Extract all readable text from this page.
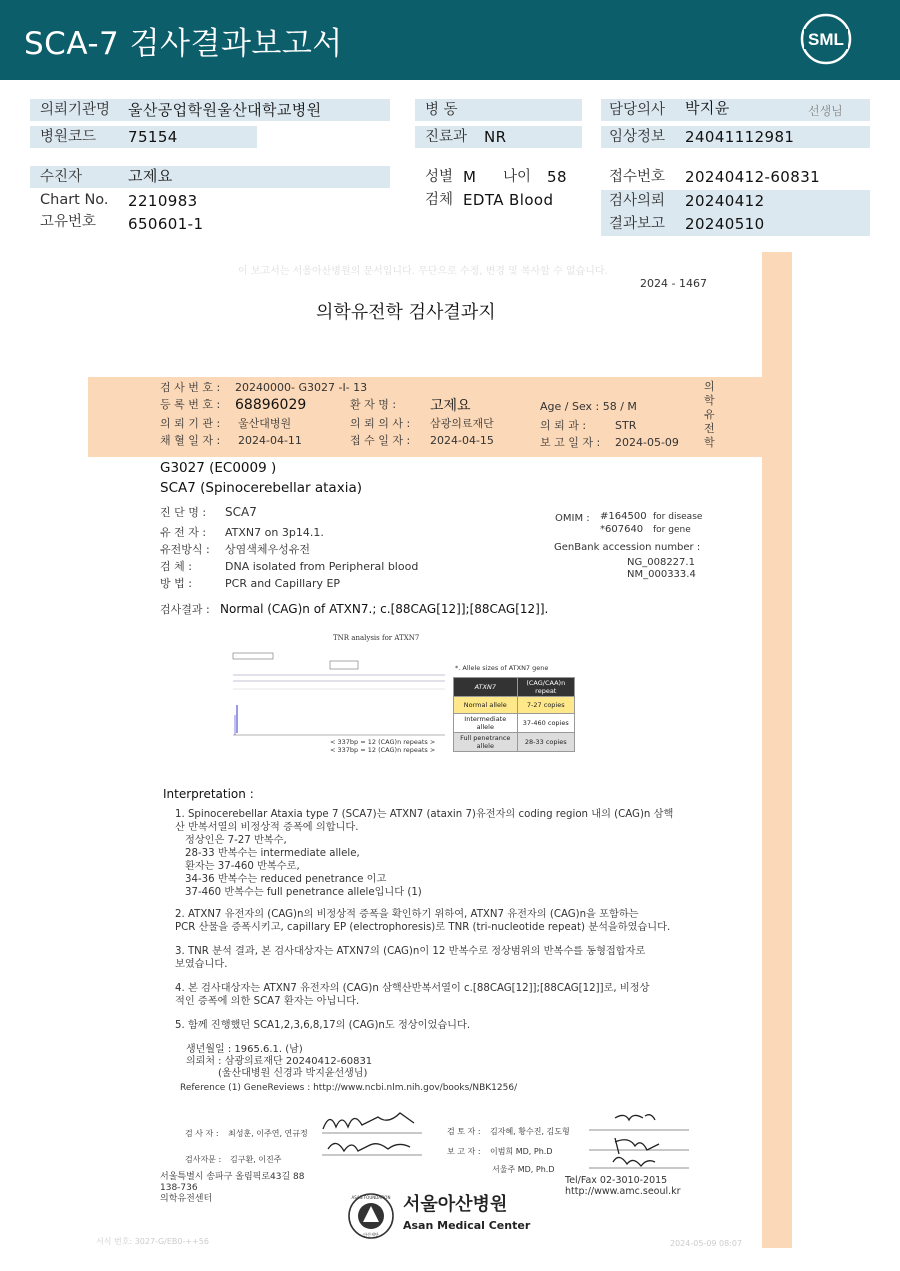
SCA-7 검사결과보고서	SML
의뢰기관명 울산공업학원울산대학교병원
병원코드 75154
병 동
진료과 NR
담당의사 박지윤	선생님
임상정보 24041112981
수진자	고제요
Chart No. 2210983
고유번호 650601-1
성별 M 나이 58
검체 EDTA Blood
접수번호 20240412-60831
검사의뢰 20240412
결과보고 20240510
이 보고서는 서울아산병원의 문서입니다. 무단으로 수정, 변경 및 복사할 수 없습니다.
2024 - 1467
의학유전학 검사결과지
검 사 번 호 : 20240000- G3027 -I- 13
등 록 번 호 : 68896029	환 자 명 : 고제요	Age / Sex : 58 / M
의 뢰 기 관 : 울산대병원	의 뢰 의 사 : 삼광의료재단	의 뢰 과 :	STR
채 혈 일 자 : 2024-04-11	접 수 일 자 : 2024-04-15	보 고 일 자 : 2024-05-09
의학유전학
G3027 (EC0009 )
SCA7 (Spinocerebellar ataxia)
진 단 명 : SCA7
유 전 자 : ATXN7 on 3p14.1.
유전방식 : 상염색체우성유전
검 체 :	DNA isolated from Peripheral blood
방 법 :	PCR and Capillary EP
OMIM : #164500 for disease
*607640 for gene
GenBank accession number :
NG_008227.1
NM_000333.4
검사결과 : Normal (CAG)n of ATXN7.; c.[88CAG[12]];[88CAG[12]].
TNR analysis for ATXN7
< 337bp = 12 (CAG)n repeats >
< 337bp = 12 (CAG)n repeats >
*. Allele sizes of ATXN7 gene
ATXN7	(CAG/CAA)n repeat
Normal allele	7-27 copies
Intermediate allele	37-460 copies
Full penetrance allele	28-33 copies
Interpretation :

1. Spinocerebellar Ataxia type 7 (SCA7)는 ATXN7 (ataxin 7)유전자의 coding region 내의 (CAG)n 삼핵

산 반복서열의 비정상적 증폭에 의합니다.

정상인은 7-27 반복수,

28-33 반복수는 intermediate allele,

환자는 37-460 반복수로,

34-36 반복수는 reduced penetrance 이고

37-460 반복수는 full penetrance allele입니다 (1)

2. ATXN7 유전자의 (CAG)n의 비정상적 증폭을 확인하기 위하여, ATXN7 유전자의 (CAG)n을 포함하는

PCR 산물을 증폭시키고, capillary EP (electrophoresis)로 TNR (tri-nucleotide repeat) 분석을하였습니다.

3. TNR 분석 결과, 본 검사대상자는 ATXN7의 (CAG)n이 12 반복수로 정상범위의 반복수를 동형접합자로

보였습니다.

4. 본 검사대상자는 ATXN7 유전자의 (CAG)n 삼핵산반복서열이 c.[88CAG[12]];[88CAG[12]]로, 비정상

적인 증폭에 의한 SCA7 환자는 아닙니다.

5. 함께 진행했던 SCA1,2,3,6,8,17의 (CAG)n도 정상이었습니다.

생년월일 : 1965.6.1. (남)
의뢰처 : 삼광의료재단 20240412-60831
(울산대병원 신경과 박지윤선생님)
Reference (1) GeneReviews : http://www.ncbi.nlm.nih.gov/books/NBK1256/
검 사 자 : 최성훈, 이주연, 연규정
검사자문 : 김구환, 이진주
검 토 자 : 김자혜, 황수진, 김도형
보 고 자 : 이범희 MD, Ph.D
서울주 MD, Ph.D
서울특별시 송파구 올림픽로43길 88
138-736
의학유전센터
Tel/Fax 02-3010-2015
http://www.amc.seoul.kr
ASAN FOUNDATION
아산재단
서울아산병원
Asan Medical Center
서식 번호: 3027-G/EB0-++56	2024-05-09 08:07
